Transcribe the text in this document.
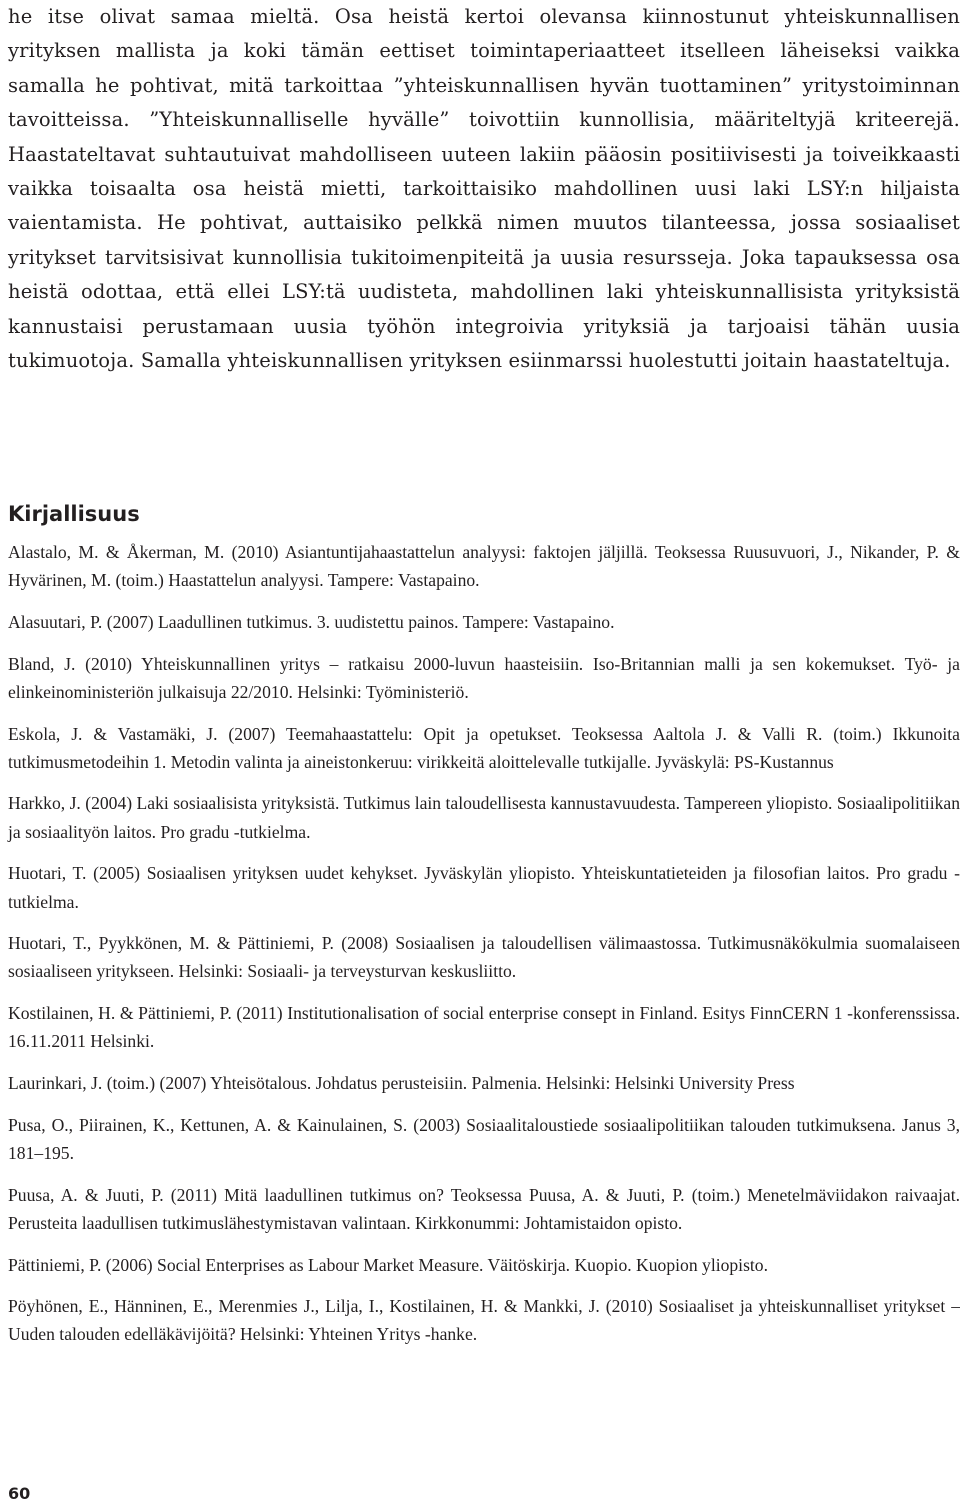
he itse olivat samaa mieltä. Osa heistä kertoi olevansa kiinnostunut yhteiskunnallisen yrityksen mallista ja koki tämän eettiset toimintaperiaatteet itselleen läheiseksi vaikka samalla he pohtivat, mitä tarkoittaa ”yhteiskunnallisen hyvän tuottaminen” yritystoiminnan tavoitteissa. ”Yhteiskunnalliselle hyvälle” toivottiin kunnollisia, määriteltyjä kriteerejä. Haastateltavat suhtautuivat mahdolliseen uuteen lakiin pääosin positiivisesti ja toiveikkaasti vaikka toisaalta osa heistä mietti, tarkoittaisiko mahdollinen uusi laki LSY:n hiljaista vaientamista. He pohtivat, auttaisiko pelkkä nimen muutos tilanteessa, jossa sosiaaliset yritykset tarvitsisivat kunnollisia tukitoimenpiteitä ja uusia resursseja. Joka tapauksessa osa heistä odottaa, että ellei LSY:tä uudisteta, mahdollinen laki yhteiskunnallisista yrityksistä kannustaisi perustamaan uusia työhön integroivia yrityksiä ja tarjoaisi tähän uusia tukimuotoja. Samalla yhteiskunnallisen yrityksen esiinmarssi huolestutti joitain haastateltuja.

Kirjallisuus
Alastalo, M. & Åkerman, M. (2010) Asiantuntijahaastattelun analyysi: faktojen jäljillä. Teoksessa Ruusuvuori, J., Nikander, P. & Hyvärinen, M. (toim.) Haastattelun analyysi. Tampere: Vastapaino.
Alasuutari, P. (2007) Laadullinen tutkimus. 3. uudistettu painos. Tampere: Vastapaino.
Bland, J. (2010) Yhteiskunnallinen yritys – ratkaisu 2000-luvun haasteisiin. Iso-Britannian malli ja sen kokemukset. Työ- ja elinkeinoministeriön julkaisuja 22/2010. Helsinki: Työministeriö.
Eskola, J. & Vastamäki, J. (2007) Teemahaastattelu: Opit ja opetukset. Teoksessa Aaltola J. & Valli R. (toim.) Ikkunoita tutkimusmetodeihin 1. Metodin valinta ja aineistonkeruu: virikkeitä aloittelevalle tutkijalle. Jyväskylä: PS-Kustannus
Harkko, J. (2004) Laki sosiaalisista yrityksistä. Tutkimus lain taloudellisesta kannustavuudesta. Tampereen yliopisto. Sosiaalipolitiikan ja sosiaalityön laitos. Pro gradu -tutkielma.
Huotari, T. (2005) Sosiaalisen yrityksen uudet kehykset. Jyväskylän yliopisto. Yhteiskuntatieteiden ja filosofian laitos. Pro gradu -tutkielma.
Huotari, T., Pyykkönen, M. & Pättiniemi, P. (2008) Sosiaalisen ja taloudellisen välimaastossa. Tutkimusnäkökulmia suomalaiseen sosiaaliseen yritykseen. Helsinki: Sosiaali- ja terveysturvan keskusliitto.
Kostilainen, H. & Pättiniemi, P. (2011) Institutionalisation of social enterprise consept in Finland. Esitys FinnCERN 1 -konferenssissa. 16.11.2011 Helsinki.
Laurinkari, J. (toim.) (2007) Yhteisötalous. Johdatus perusteisiin. Palmenia. Helsinki: Helsinki University Press
Pusa, O., Piirainen, K., Kettunen, A. & Kainulainen, S. (2003) Sosiaalitaloustiede sosiaalipolitiikan talouden tutkimuksena. Janus 3, 181–195.
Puusa, A. & Juuti, P. (2011) Mitä laadullinen tutkimus on? Teoksessa Puusa, A. & Juuti, P. (toim.) Menetelmäviidakon raivaajat. Perusteita laadullisen tutkimuslähestymistavan valintaan. Kirkkonummi: Johtamistaidon opisto.
Pättiniemi, P. (2006) Social Enterprises as Labour Market Measure. Väitöskirja. Kuopio. Kuopion yliopisto.
Pöyhönen, E., Hänninen, E., Merenmies J., Lilja, I., Kostilainen, H. & Mankki, J. (2010) Sosiaaliset ja yhteiskunnalliset yritykset – Uuden talouden edelläkävijöitä? Helsinki: Yhteinen Yritys -hanke.
60
